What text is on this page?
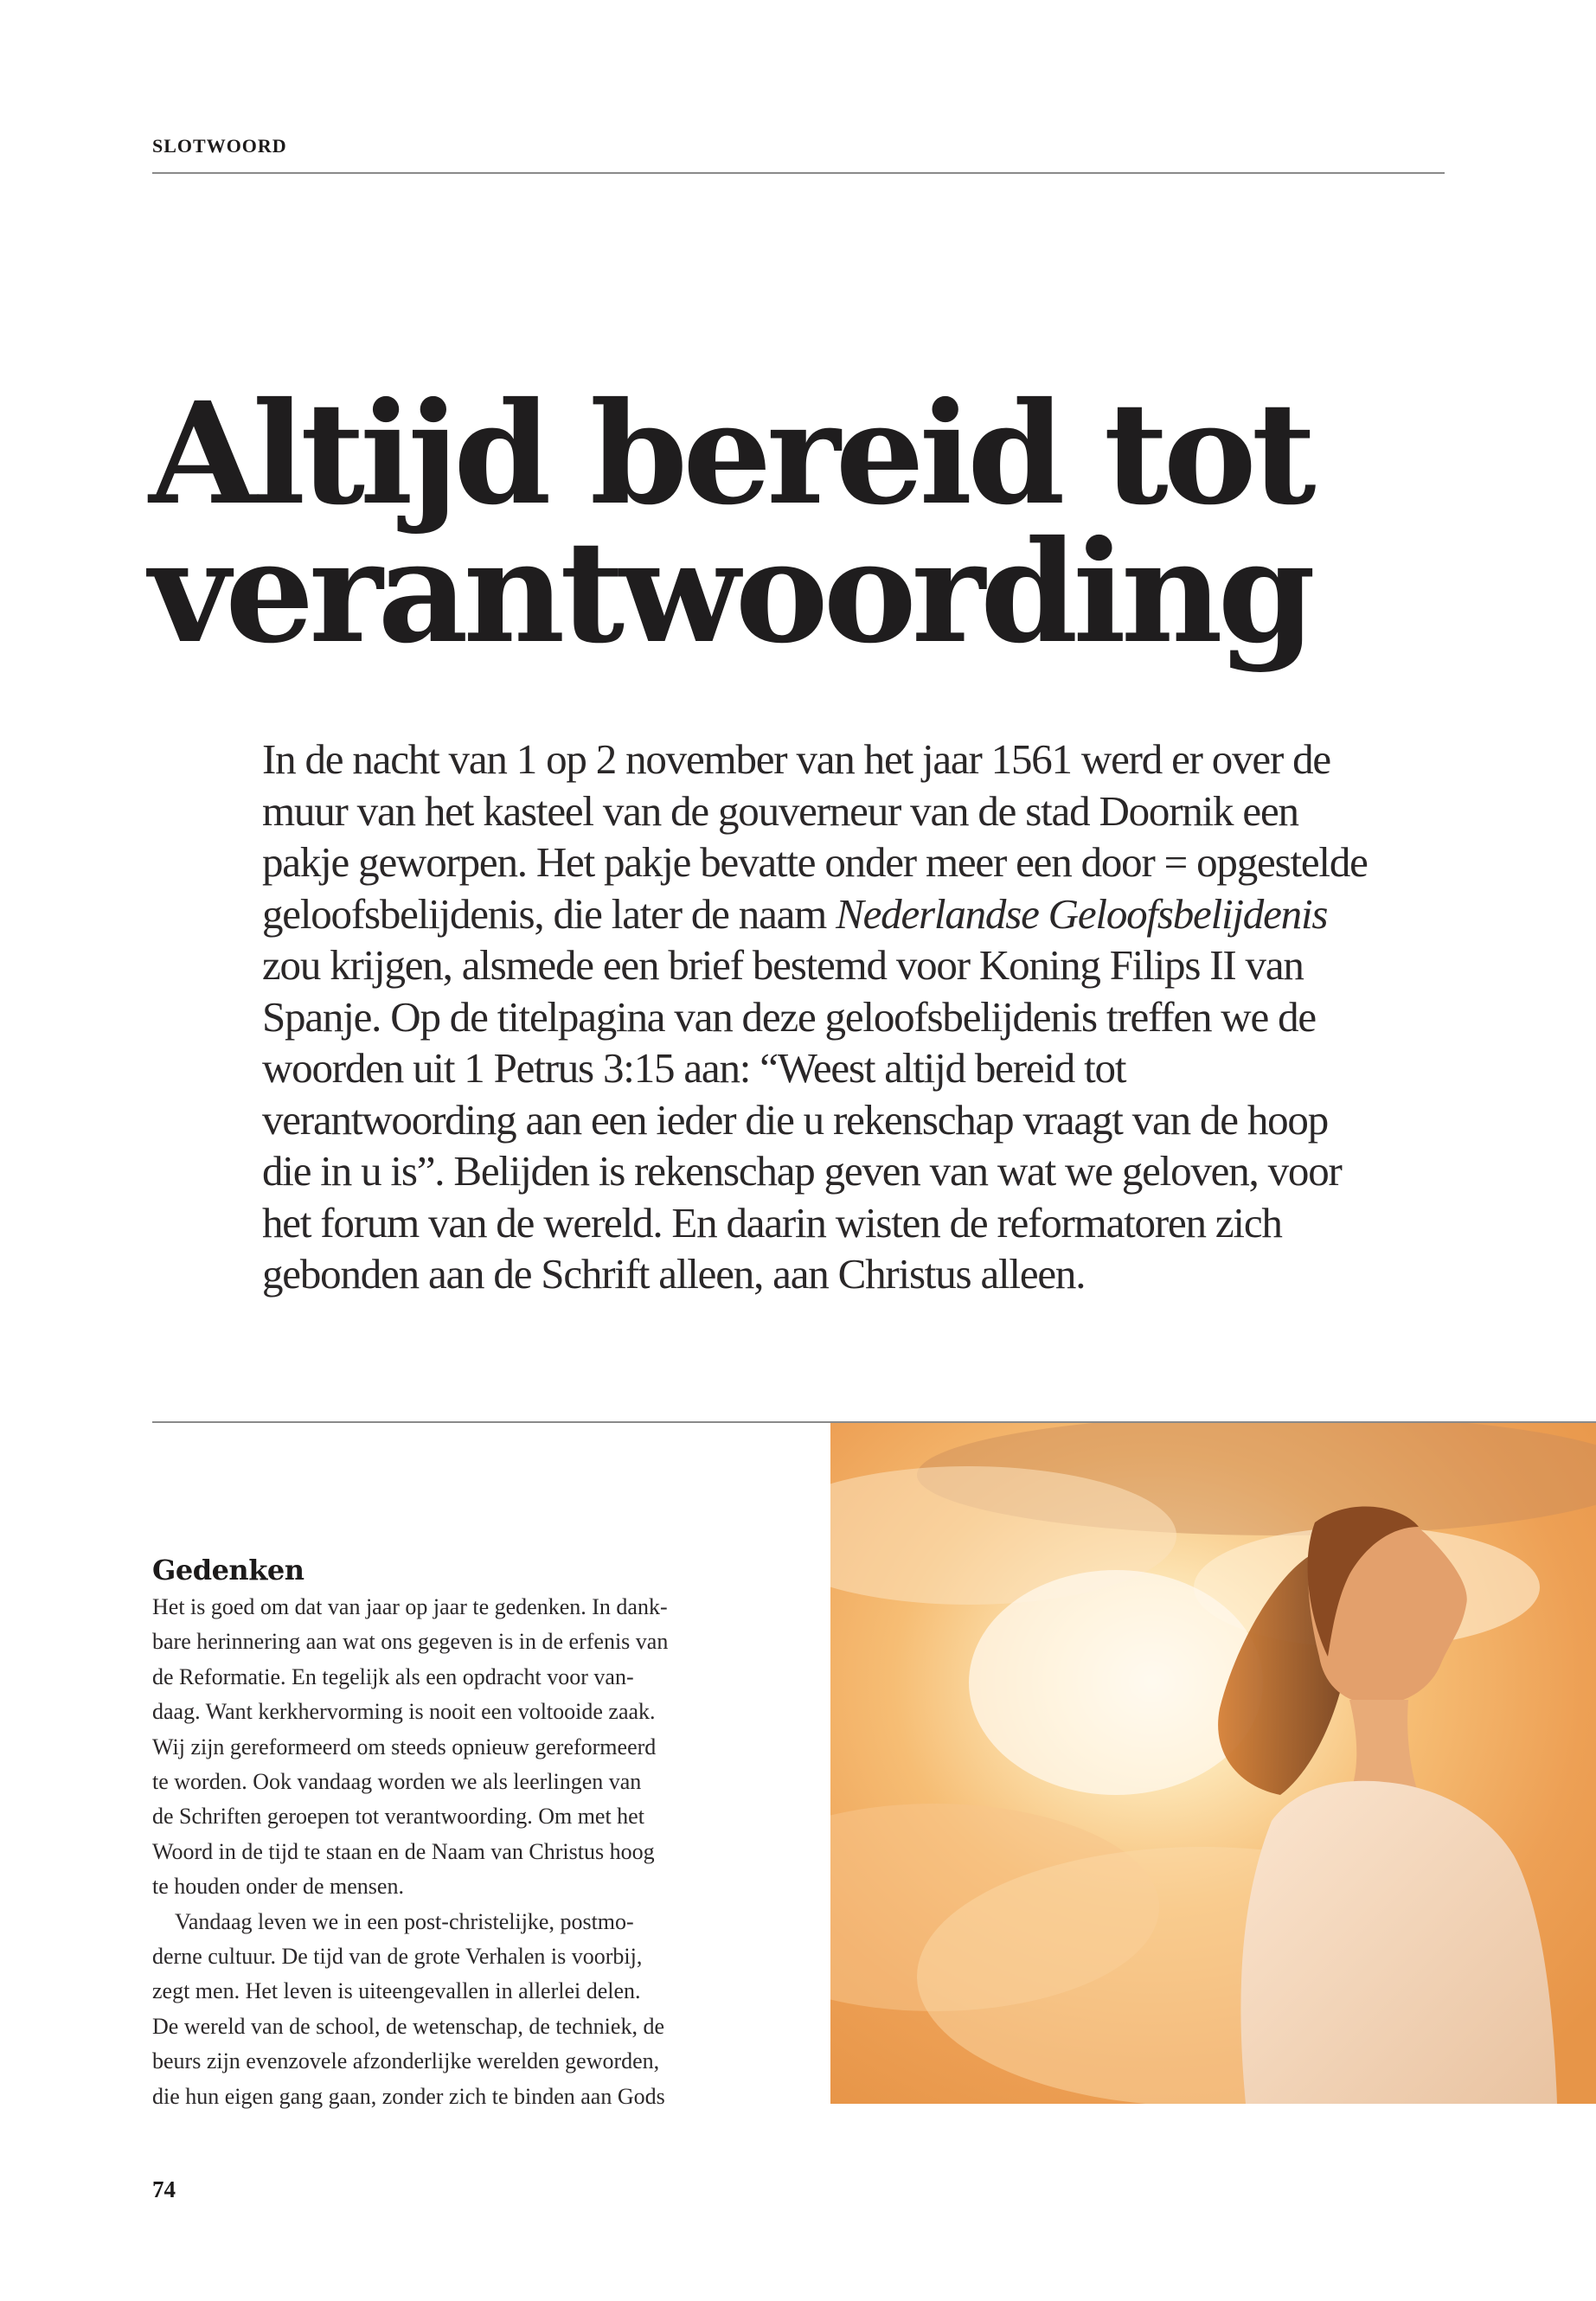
SLOTWOORD
Altijd bereid tot
verantwoording

In de nacht van 1 op 2 november van het jaar 1561 werd er over de muur van het kasteel van de gouverneur van de stad Doornik een pakje geworpen. Het pakje bevatte onder meer een door = opgestelde geloofsbelijdenis, die later de naam Nederlandse Geloofsbelijdenis zou krijgen, alsmede een brief bestemd voor Koning Filips II van Spanje. Op de titelpagina van deze geloofsbelijdenis treffen we de woorden uit 1 Petrus 3:15 aan: “Weest altijd bereid tot verantwoording aan een ieder die u rekenschap vraagt van de hoop die in u is”. Belijden is rekenschap geven van wat we geloven, voor het forum van de wereld. En daarin wisten de reformatoren zich gebonden aan de Schrift alleen, aan Christus alleen.

Gedenken
Het is goed om dat van jaar op jaar te gedenken. In dank-
bare herinnering aan wat ons gegeven is in de erfenis van
de Reformatie. En tegelijk als een opdracht voor van-
daag. Want kerkhervorming is nooit een voltooide zaak.
Wij zijn gereformeerd om steeds opnieuw gereformeerd
te worden. Ook vandaag worden we als leerlingen van
de Schriften geroepen tot verantwoording. Om met het
Woord in de tijd te staan en de Naam van Christus hoog
te houden onder de mensen.
Vandaag leven we in een post-christelijke, postmo-
derne cultuur. De tijd van de grote Verhalen is voorbij,
zegt men. Het leven is uiteengevallen in allerlei delen.
De wereld van de school, de wetenschap, de techniek, de
beurs zijn evenzovele afzonderlijke werelden geworden,
die hun eigen gang gaan, zonder zich te binden aan Gods
74
